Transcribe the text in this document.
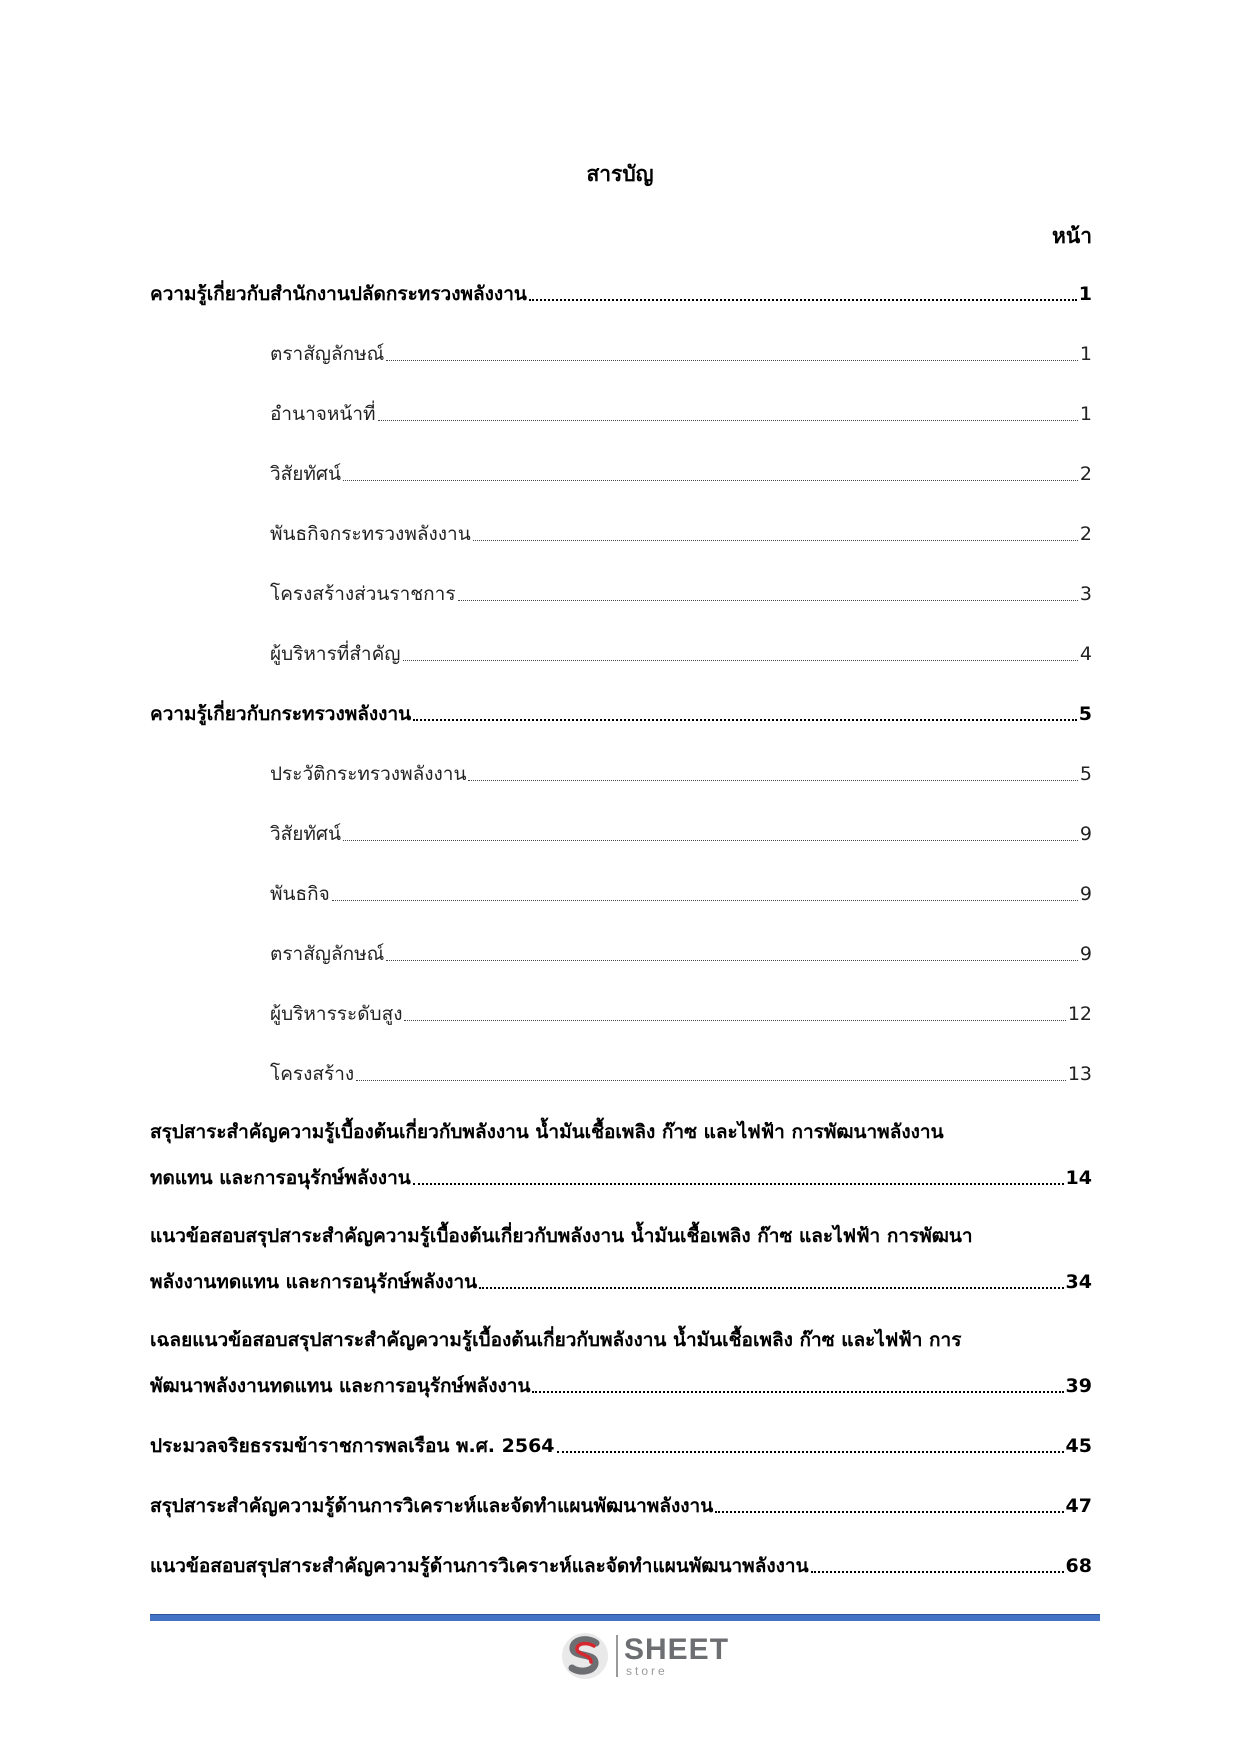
สารบัญ
หน้า
ความรู้เกี่ยวกับสำนักงานปลัดกระทรวงพลังงาน	1
ตราสัญลักษณ์	1
อำนาจหน้าที่	1
วิสัยทัศน์	2
พันธกิจกระทรวงพลังงาน	2
โครงสร้างส่วนราชการ	3
ผู้บริหารที่สำคัญ	4
ความรู้เกี่ยวกับกระทรวงพลังงาน	5
ประวัติกระทรวงพลังงาน	5
วิสัยทัศน์	9
พันธกิจ	9
ตราสัญลักษณ์	9
ผู้บริหารระดับสูง	12
โครงสร้าง	13
สรุปสาระสำคัญความรู้เบื้องต้นเกี่ยวกับพลังงาน น้ำมันเชื้อเพลิง ก๊าซ และไฟฟ้า การพัฒนาพลังงาน
ทดแทน และการอนุรักษ์พลังงาน	14
แนวข้อสอบสรุปสาระสำคัญความรู้เบื้องต้นเกี่ยวกับพลังงาน น้ำมันเชื้อเพลิง ก๊าซ และไฟฟ้า การพัฒนา
พลังงานทดแทน และการอนุรักษ์พลังงาน	34
เฉลยแนวข้อสอบสรุปสาระสำคัญความรู้เบื้องต้นเกี่ยวกับพลังงาน น้ำมันเชื้อเพลิง ก๊าซ และไฟฟ้า การ
พัฒนาพลังงานทดแทน และการอนุรักษ์พลังงาน	39
ประมวลจริยธรรมข้าราชการพลเรือน พ.ศ. 2564	45
สรุปสาระสำคัญความรู้ด้านการวิเคราะห์และจัดทำแผนพัฒนาพลังงาน	47
แนวข้อสอบสรุปสาระสำคัญความรู้ด้านการวิเคราะห์และจัดทำแผนพัฒนาพลังงาน	68
SHEET
store
